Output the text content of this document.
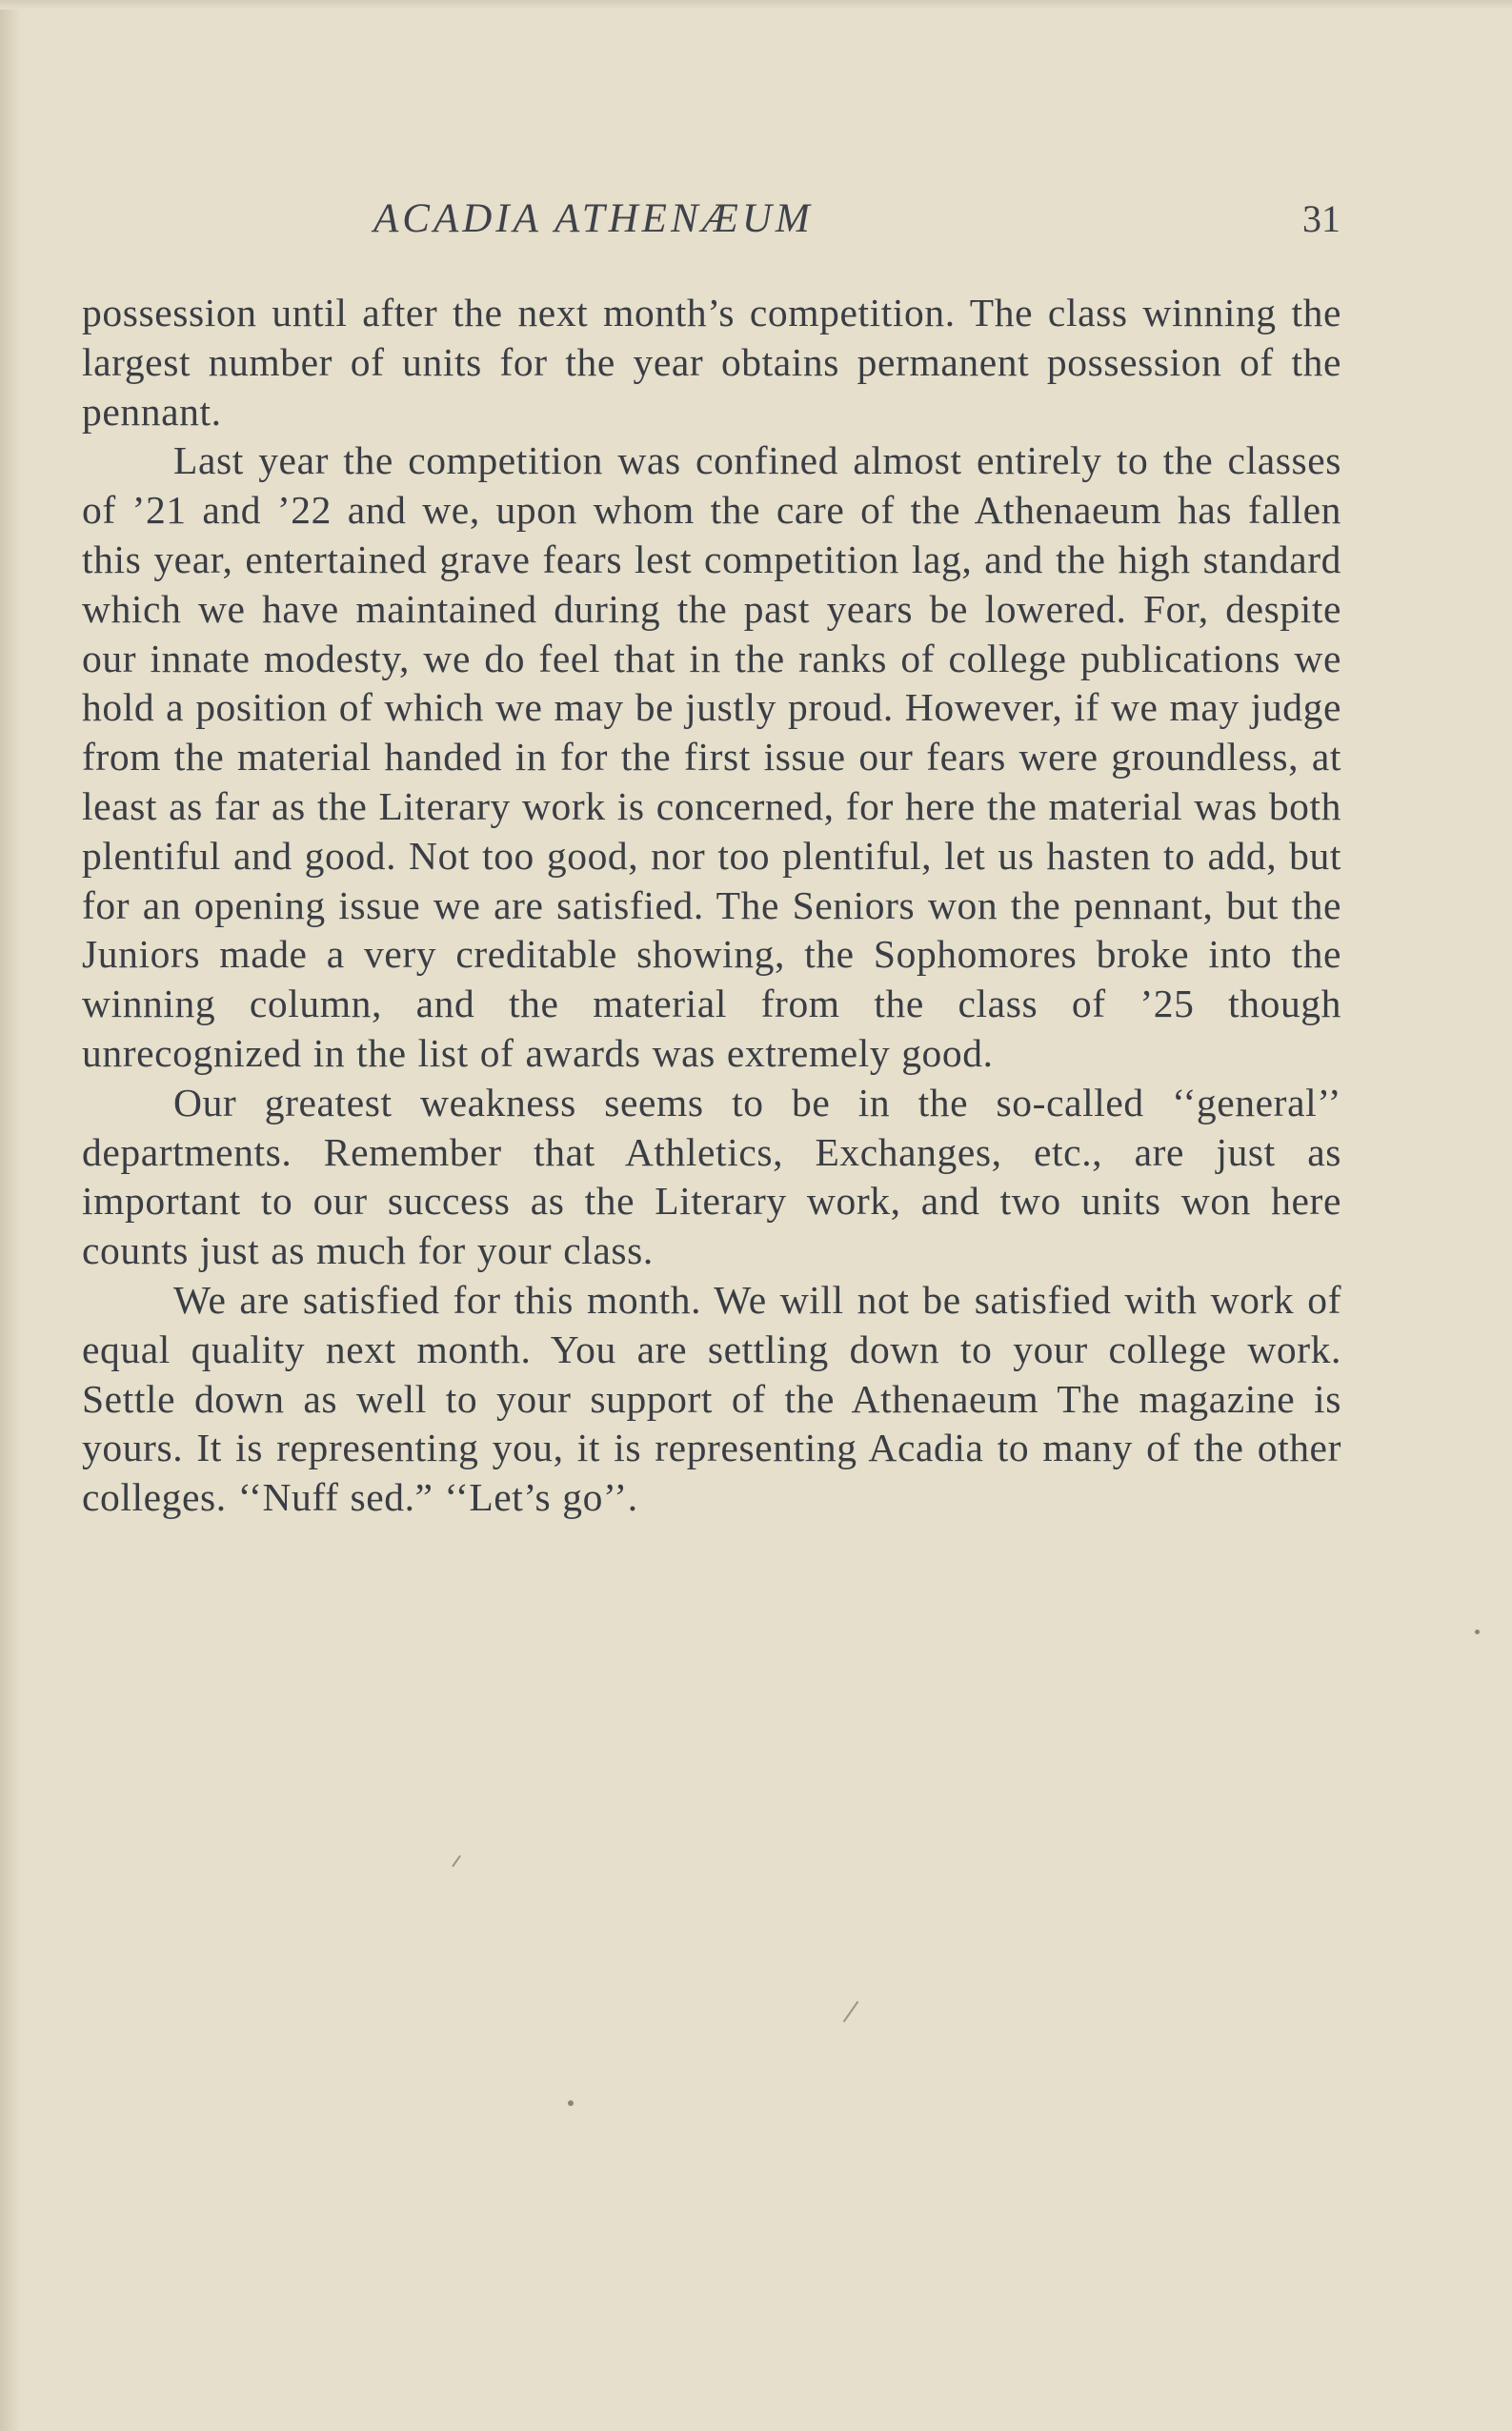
ACADIA ATHENÆUM	31

possession until after the next month’s competition. The class winning the largest number of units for the year obtains permanent possession of the pennant.

Last year the competition was confined almost entirely to the classes of ’21 and ’22 and we, upon whom the care of the Athenaeum has fallen this year, entertained grave fears lest competition lag, and the high standard which we have maintained during the past years be lowered. For, despite our innate modesty, we do feel that in the ranks of college publications we hold a position of which we may be justly proud. However, if we may judge from the material handed in for the first issue our fears were groundless, at least as far as the Literary work is concerned, for here the material was both plentiful and good. Not too good, nor too plentiful, let us hasten to add, but for an opening issue we are satisfied. The Seniors won the pennant, but the Juniors made a very creditable showing, the Sophomores broke into the winning column, and the material from the class of ’25 though unrecognized in the list of awards was extremely good.

Our greatest weakness seems to be in the so-called ‘‘general’’ departments. Remember that Athletics, Exchanges, etc., are just as important to our success as the Literary work, and two units won here counts just as much for your class.

We are satisfied for this month. We will not be satisfied with work of equal quality next month. You are settling down to your college work. Settle down as well to your support of the Athenaeum The magazine is yours. It is representing you, it is representing Acadia to many of the other colleges. ‘‘Nuff sed.” ‘‘Let’s go’’.
